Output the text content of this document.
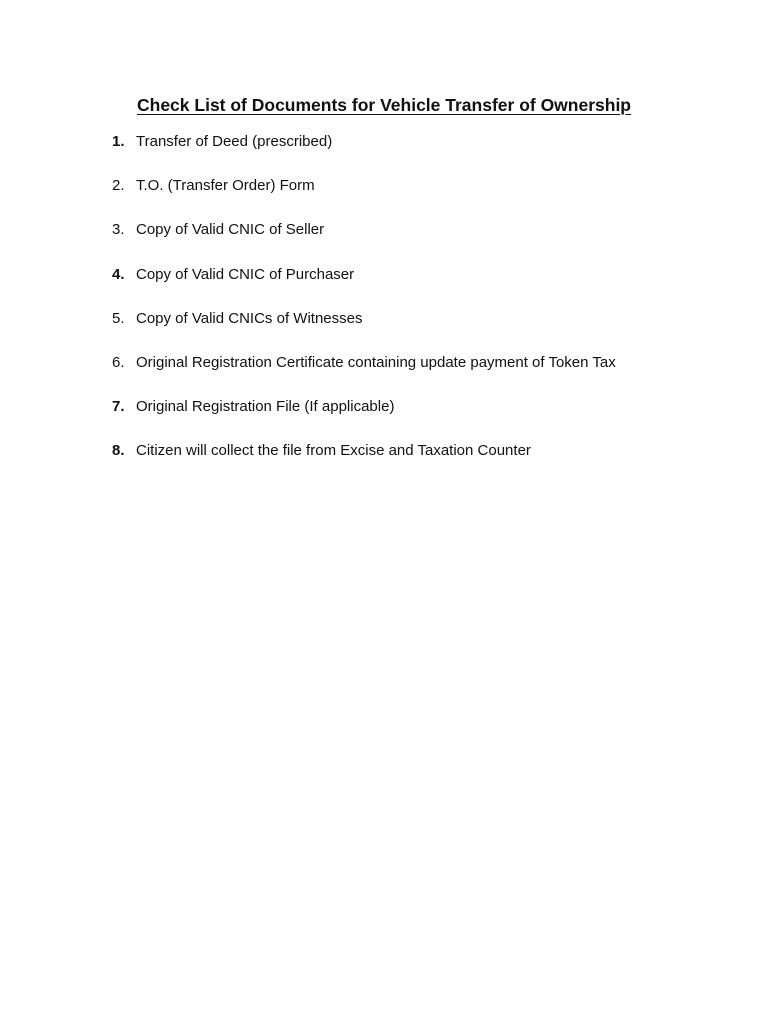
Check List of Documents for Vehicle Transfer of Ownership
1. Transfer of Deed (prescribed)
2. T.O. (Transfer Order) Form
3. Copy of Valid CNIC of Seller
4. Copy of Valid CNIC of Purchaser
5. Copy of Valid CNICs of Witnesses
6. Original Registration Certificate containing update payment of Token Tax
7. Original Registration File (If applicable)
8. Citizen will collect the file from Excise and Taxation Counter
